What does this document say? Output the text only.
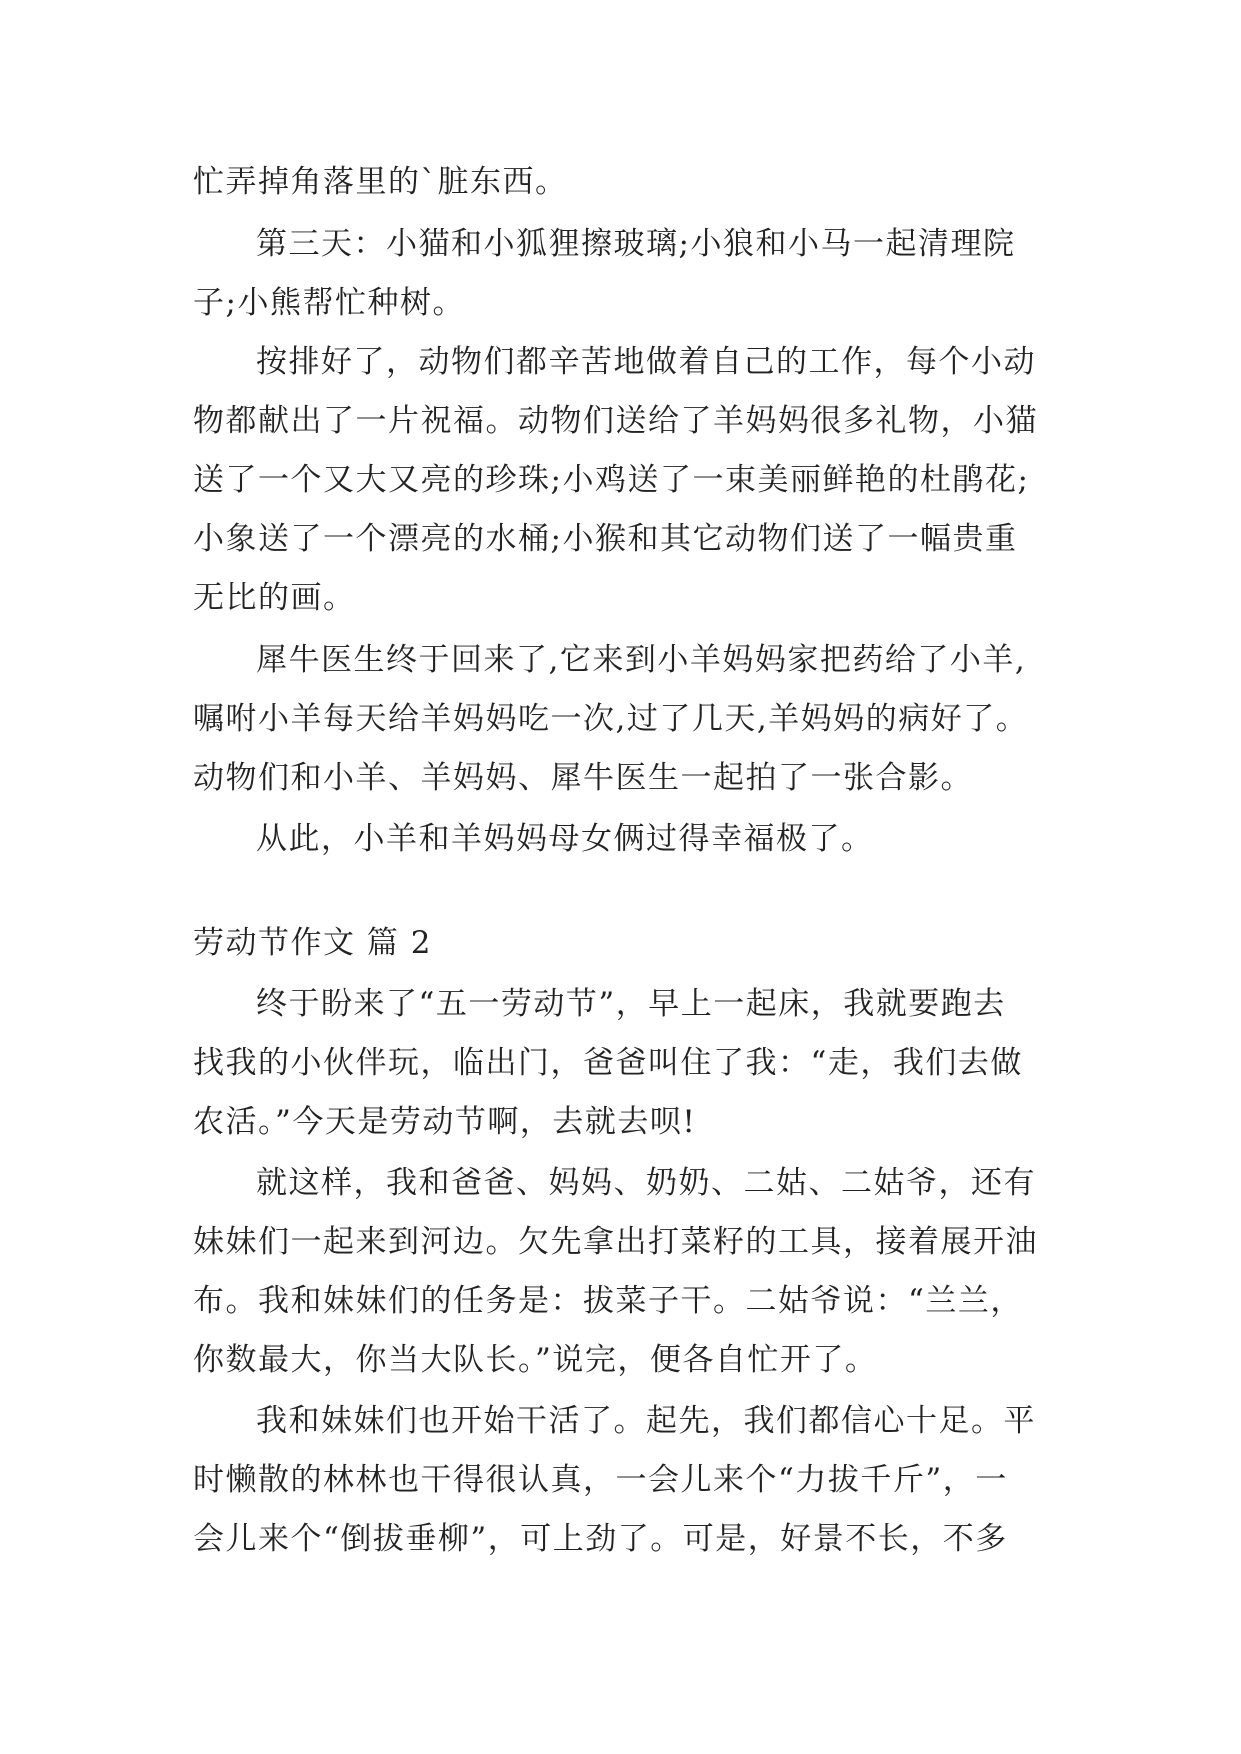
忙弄掉角落里的`脏东西。
第三天：小猫和小狐狸擦玻璃;小狼和小马一起清理院
子;小熊帮忙种树。
按排好了，动物们都辛苦地做着自己的工作，每个小动
物都献出了一片祝福。动物们送给了羊妈妈很多礼物，小猫
送了一个又大又亮的珍珠;小鸡送了一束美丽鲜艳的杜鹃花;
小象送了一个漂亮的水桶;小猴和其它动物们送了一幅贵重
无比的画。
犀牛医生终于回来了,它来到小羊妈妈家把药给了小羊,
嘱咐小羊每天给羊妈妈吃一次,过了几天,羊妈妈的病好了。
动物们和小羊、羊妈妈、犀牛医生一起拍了一张合影。
从此，小羊和羊妈妈母女俩过得幸福极了。
劳动节作文 篇 2
终于盼来了“五一劳动节”，早上一起床，我就要跑去
找我的小伙伴玩，临出门，爸爸叫住了我：“走，我们去做
农活。”今天是劳动节啊，去就去呗!
就这样，我和爸爸、妈妈、奶奶、二姑、二姑爷，还有
妹妹们一起来到河边。欠先拿出打菜籽的工具，接着展开油
布。我和妹妹们的任务是：拔菜子干。二姑爷说：“兰兰，
你数最大，你当大队长。”说完，便各自忙开了。
我和妹妹们也开始干活了。起先，我们都信心十足。平
时懒散的林林也干得很认真，一会儿来个“力拔千斤”，一
会儿来个“倒拔垂柳”，可上劲了。可是，好景不长，不多
